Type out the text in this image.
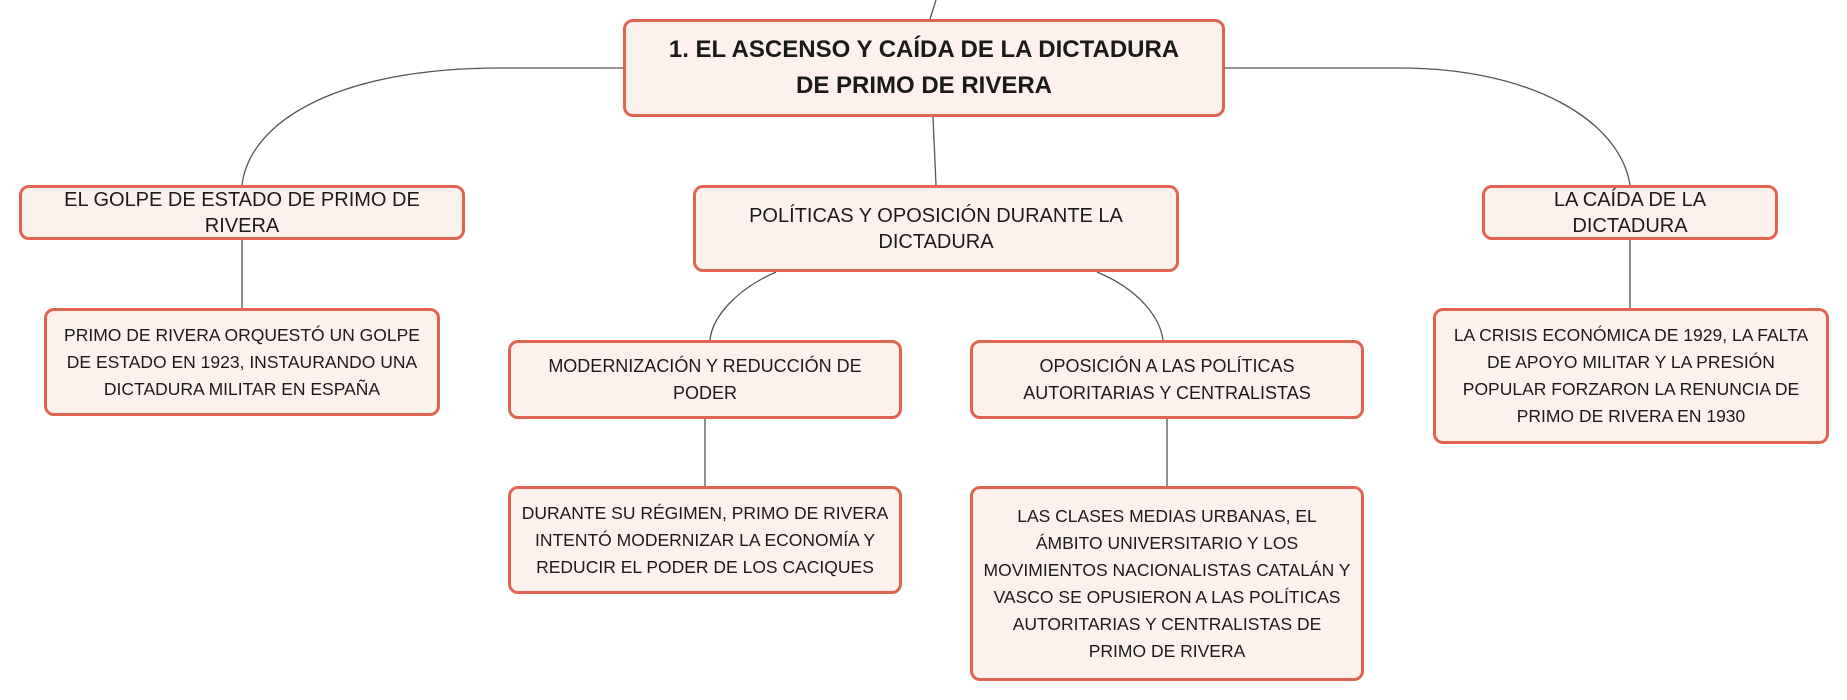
1. EL ASCENSO Y CAÍDA DE LA DICTADURA DE PRIMO DE RIVERA
EL GOLPE DE ESTADO DE PRIMO DE RIVERA	POLÍTICAS Y OPOSICIÓN DURANTE LA DICTADURA
LA CAÍDA DE LA DICTADURA
PRIMO DE RIVERA ORQUESTÓ UN GOLPE DE ESTADO EN 1923, INSTAURANDO UNA DICTADURA MILITAR EN ESPAÑA
MODERNIZACIÓN Y REDUCCIÓN DE PODER
OPOSICIÓN A LAS POLÍTICAS AUTORITARIAS Y CENTRALISTAS
LA CRISIS ECONÓMICA DE 1929, LA FALTA DE APOYO MILITAR Y LA PRESIÓN POPULAR FORZARON LA RENUNCIA DE PRIMO DE RIVERA EN 1930
DURANTE SU RÉGIMEN, PRIMO DE RIVERA INTENTÓ MODERNIZAR LA ECONOMÍA Y REDUCIR EL PODER DE LOS CACIQUES
LAS CLASES MEDIAS URBANAS, EL ÁMBITO UNIVERSITARIO Y LOS MOVIMIENTOS NACIONALISTAS CATALÁN Y VASCO SE OPUSIERON A LAS POLÍTICAS AUTORITARIAS Y CENTRALISTAS DE PRIMO DE RIVERA
